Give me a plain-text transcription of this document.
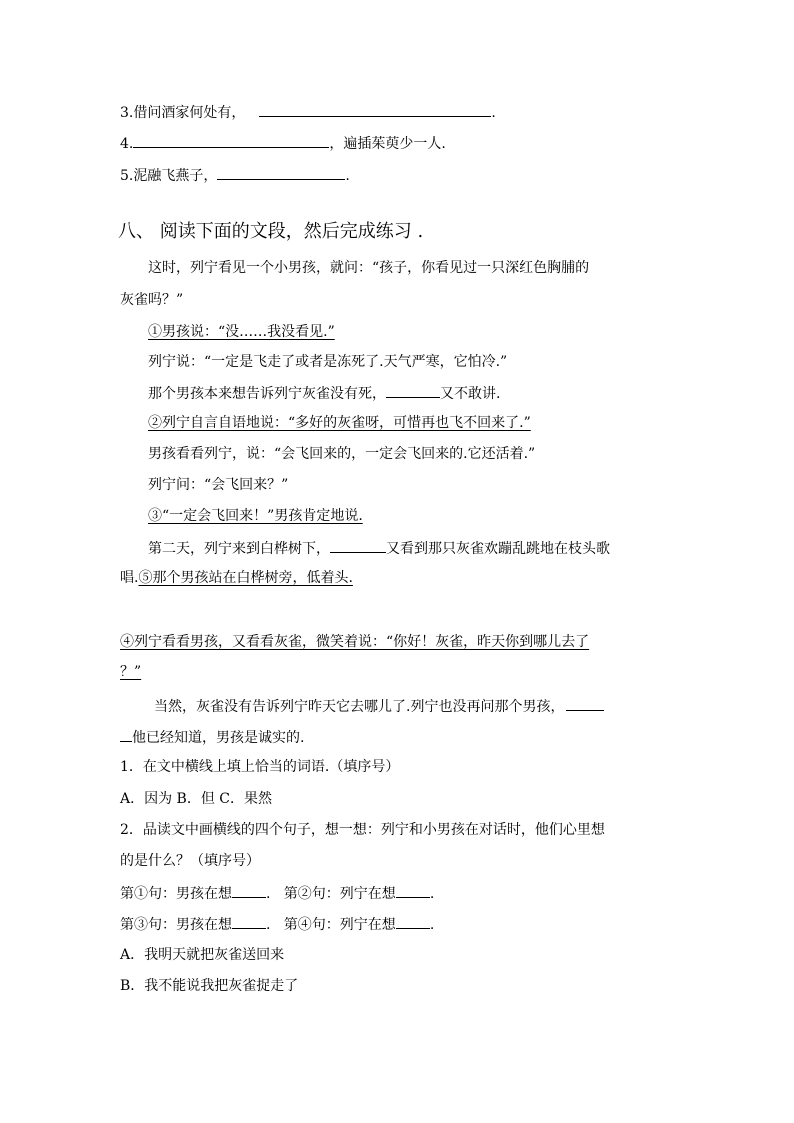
3.借问酒家何处有，	.
4.	，遍插茱萸少一人.
5.泥融飞燕子，	.
八、 阅读下面的文段，然后完成练习 .
这时，列宁看见一个小男孩，就问：“孩子，你看见过一只深红色胸脯的
灰雀吗？”
①男孩说：“没……我没看见.”
列宁说：“一定是飞走了或者是冻死了.天气严寒，它怕冷.”
那个男孩本来想告诉列宁灰雀没有死，	又不敢讲.
②列宁自言自语地说：“多好的灰雀呀，可惜再也飞不回来了.”
男孩看看列宁，说：“会飞回来的，一定会飞回来的.它还活着.”
列宁问：“会飞回来？”
③“一定会飞回来！”男孩肯定地说.
第二天，列宁来到白桦树下，	又看到那只灰雀欢蹦乱跳地在枝头歌
唱.⑤那个男孩站在白桦树旁，低着头.
④列宁看看男孩，又看看灰雀，微笑着说：“你好！灰雀，昨天你到哪儿去了
？”
当然，灰雀没有告诉列宁昨天它去哪儿了.列宁也没再问那个男孩，
他已经知道，男孩是诚实的.
1．在文中横线上填上恰当的词语.（填序号）
A．因为 B．但 C．果然
2．品读文中画横线的四个句子，想一想：列宁和小男孩在对话时，他们心里想
的是什么？（填序号）
第①句：男孩在想 .   第②句：列宁在想 .
第③句：男孩在想 .   第④句：列宁在想 .
A．我明天就把灰雀送回来
B．我不能说我把灰雀捉走了
